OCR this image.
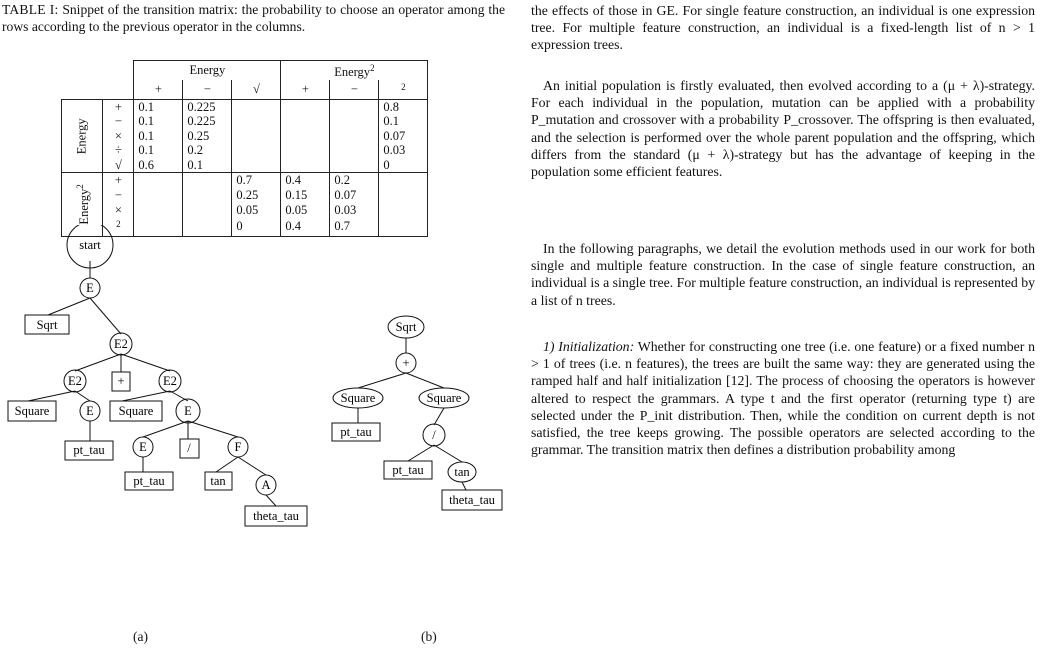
TABLE I: Snippet of the transition matrix: the probability to choose an operator among the rows according to the previous operator in the columns.
		Energy			Energy$^2$
		+	−	√	+	−	$^2$
Energy	+	0.1	0.225				0.8
	−	0.1	0.225				0.1
	×	0.1	0.25				0.07
	÷	0.1	0.2				0.03
	√	0.6	0.1				0
Energy$^2$	+			0.7	0.4	0.2	
	−			0.25	0.15	0.07	
	×			0.05	0.05	0.03	
	$^2$			0	0.4	0.7	
start
E
Sqrt
E2
E2	+	E2
Square	E Square E
pt_tau	E	/	F
pt_tau	tan	A
theta_tau
(a)
Sqrt
+
Square	Square
pt_tau	/
pt_tau tan
theta_tau
(b)

the effects of those in GE. For single feature construction, an individual is one expression tree. For multiple feature construction, an individual is a fixed-length list of n > 1 expression trees.

An initial population is firstly evaluated, then evolved according to a (μ + λ)-strategy. For each individual in the population, mutation can be applied with a probability P_mutation and crossover with a probability P_crossover. The offspring is then evaluated, and the selection is performed over the whole parent population and the offspring, which differs from the standard (μ + λ)-strategy but has the advantage of keeping in the population some efficient features.

In the following paragraphs, we detail the evolution methods used in our work for both single and multiple feature construction. In the case of single feature construction, an individual is a single tree. For multiple feature construction, an individual is represented by a list of n trees.

1) Initialization: Whether for constructing one tree (i.e. one feature) or a fixed number n > 1 of trees (i.e. n features), the trees are built the same way: they are generated using the ramped half and half initialization [12]. The process of choosing the operators is however altered to respect the grammars. A type t and the first operator (returning type t) are selected under the P_init distribution. Then, while the condition on current depth is not satisfied, the tree keeps growing. The possible operators are selected according to the grammar. The transition matrix then defines a distribution probability among
